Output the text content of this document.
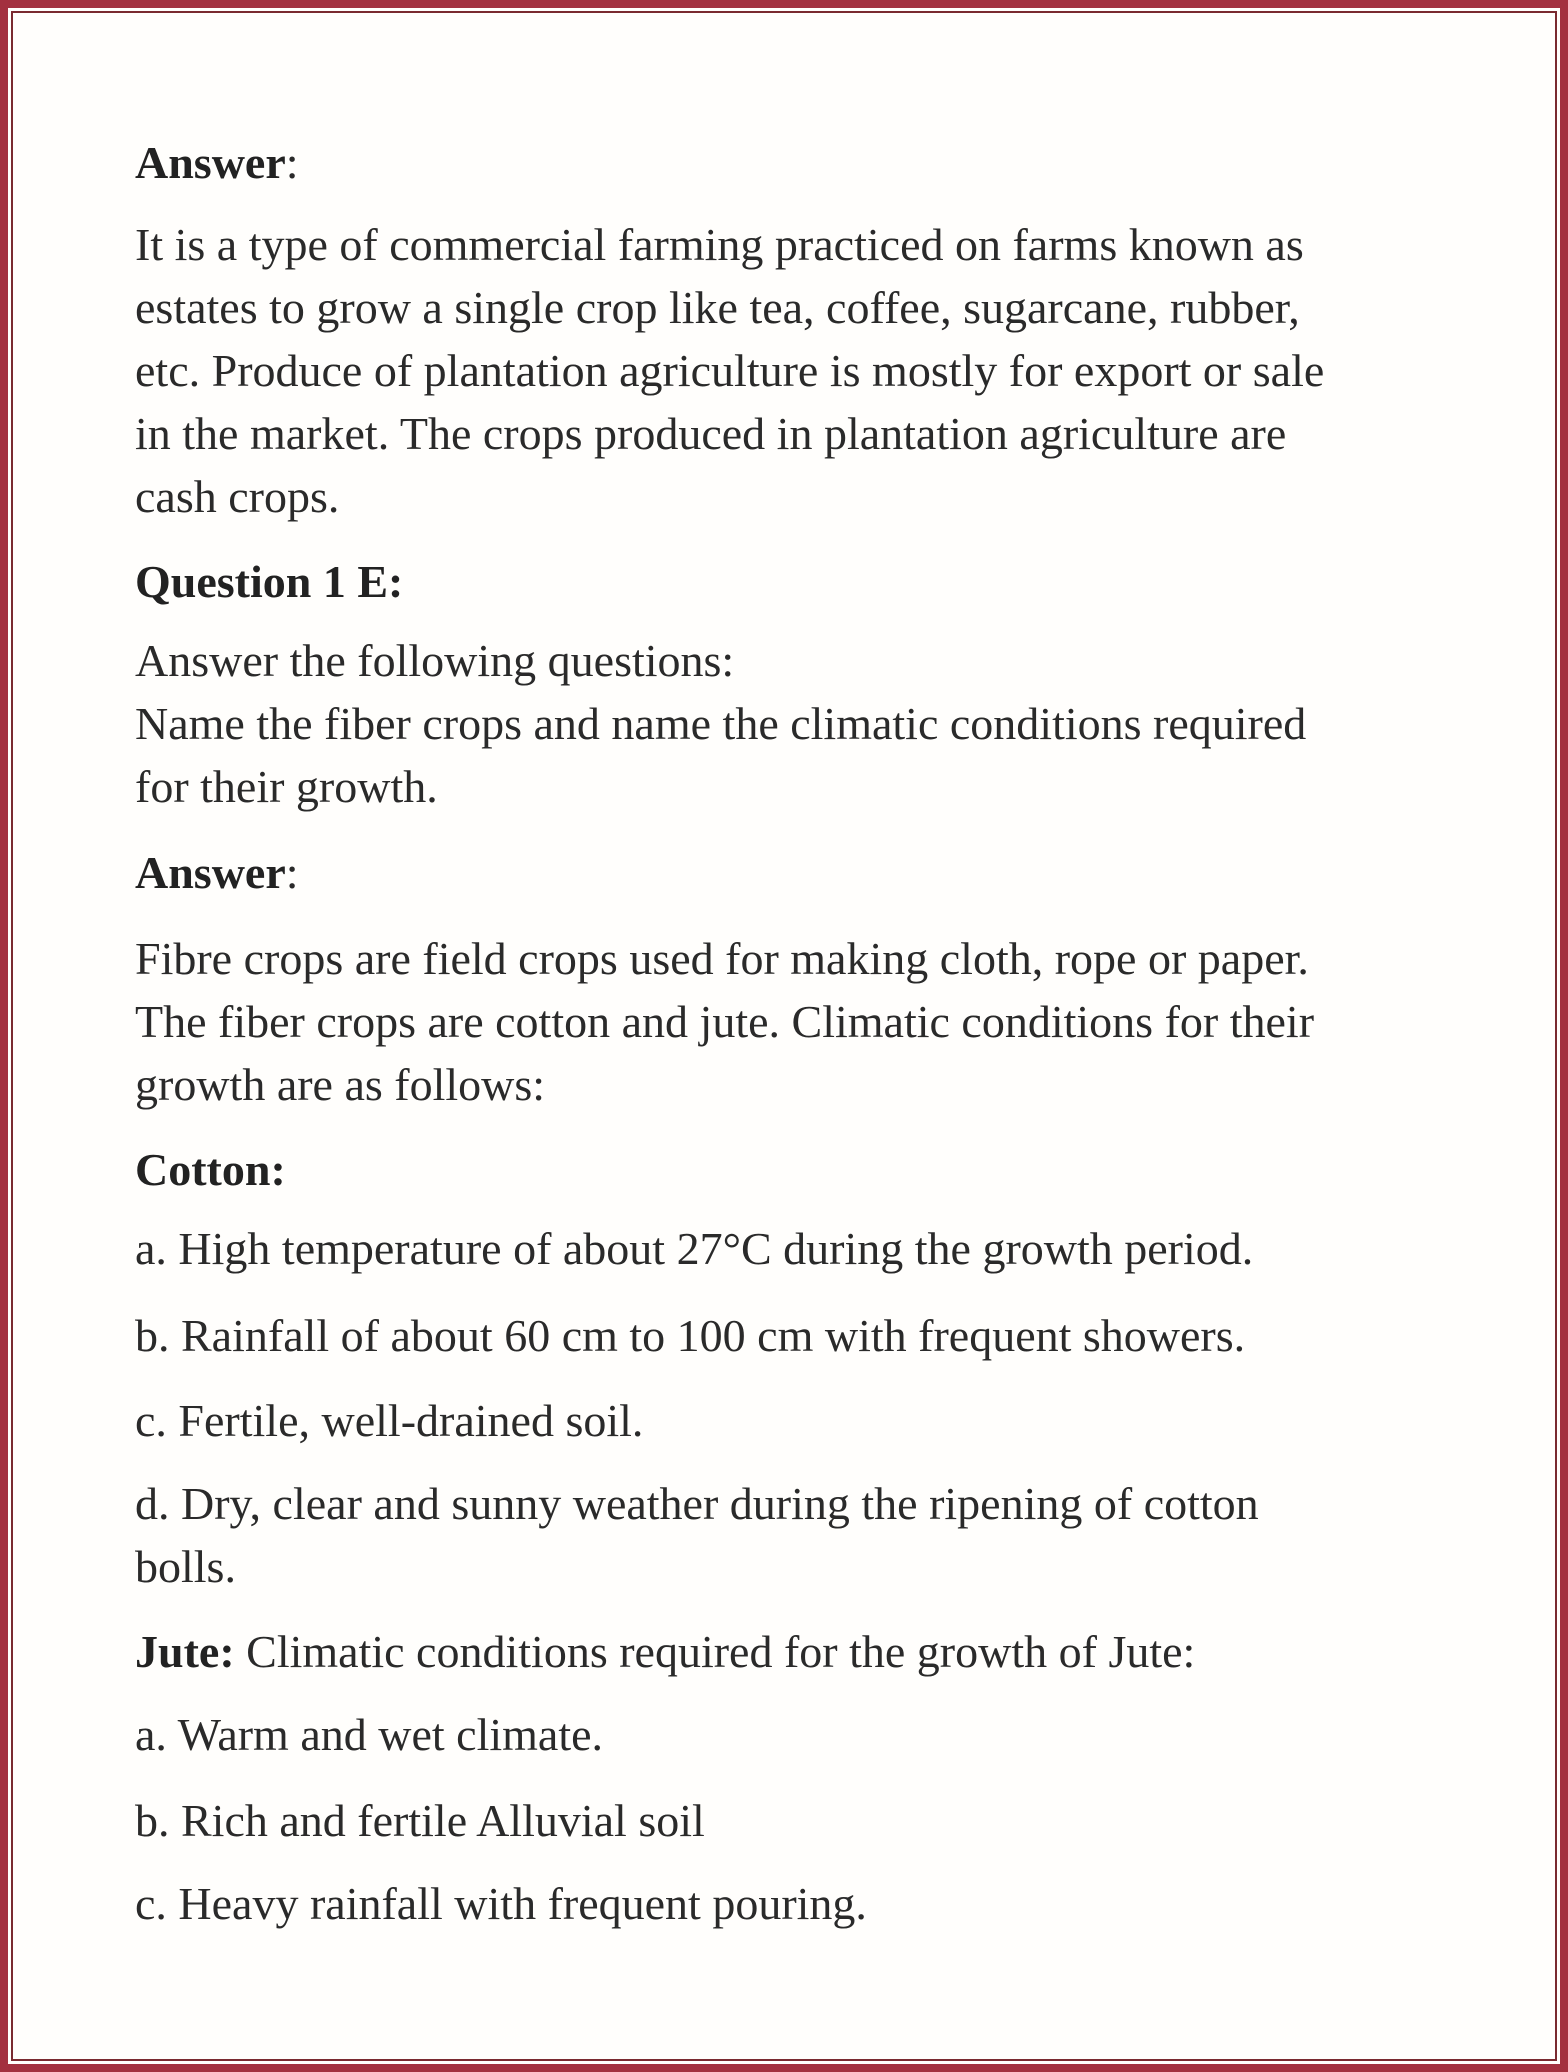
Answer:
It is a type of commercial farming practiced on farms known as
estates to grow a single crop like tea, coffee, sugarcane, rubber,
etc. Produce of plantation agriculture is mostly for export or sale
in the market. The crops produced in plantation agriculture are
cash crops.
Question 1 E:
Answer the following questions:
Name the fiber crops and name the climatic conditions required
for their growth.
Answer:
Fibre crops are field crops used for making cloth, rope or paper.
The fiber crops are cotton and jute. Climatic conditions for their
growth are as follows:
Cotton:
a. High temperature of about 27°C during the growth period.
b. Rainfall of about 60 cm to 100 cm with frequent showers.
c. Fertile, well-drained soil.
d. Dry, clear and sunny weather during the ripening of cotton
bolls.
Jute: Climatic conditions required for the growth of Jute:
a. Warm and wet climate.
b. Rich and fertile Alluvial soil
c. Heavy rainfall with frequent pouring.
